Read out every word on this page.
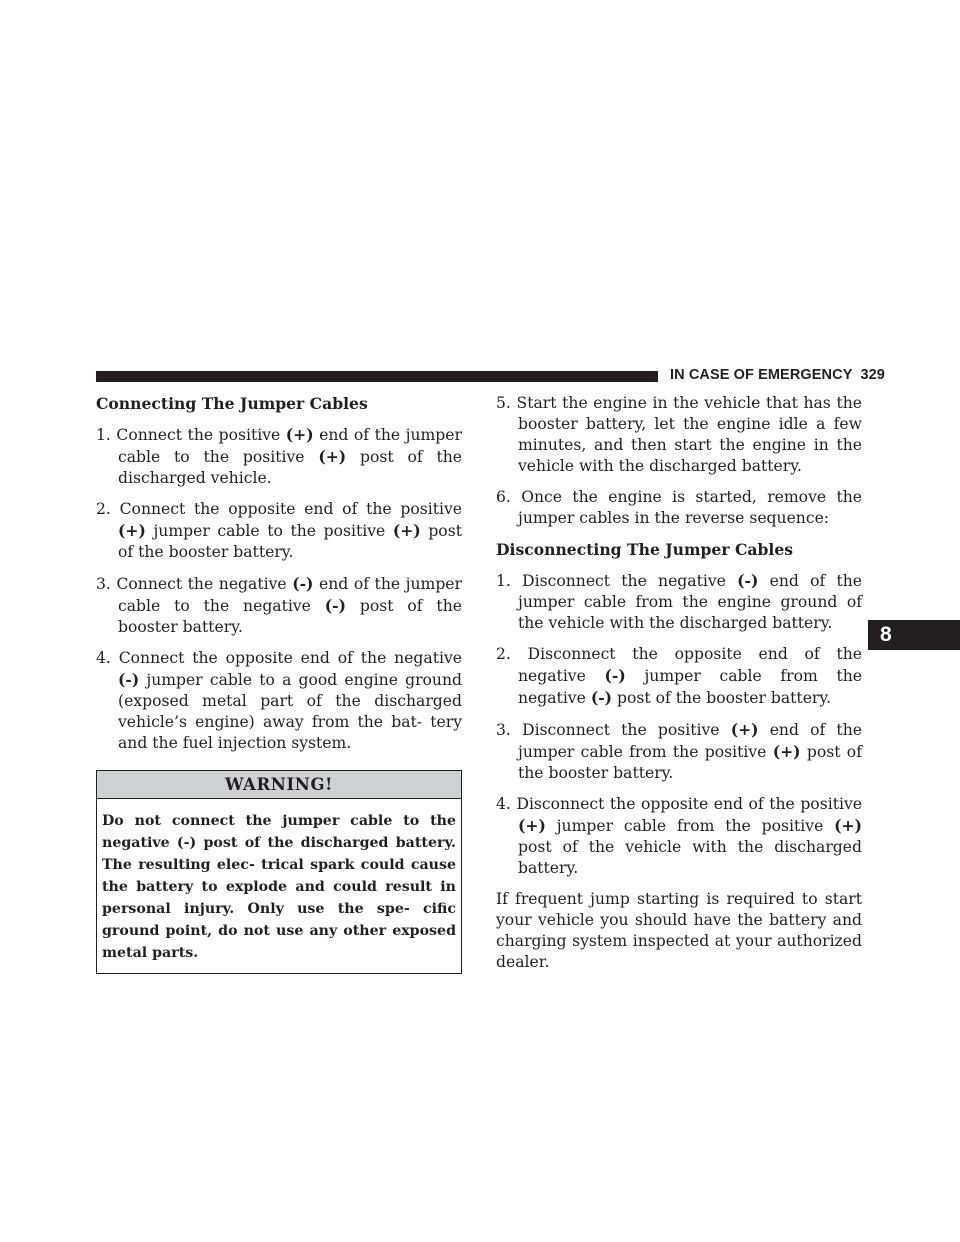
IN CASE OF EMERGENCY 329
8

Connecting The Jumper Cables

1. Connect the positive (+) end of the jumper cable to the positive (+) post of the discharged vehicle.

2. Connect the opposite end of the positive (+) jumper cable to the positive (+) post of the booster battery.

3. Connect the negative (-) end of the jumper cable to the negative (-) post of the booster battery.

4. Connect the opposite end of the negative (-) jumper cable to a good engine ground (exposed metal part of the discharged vehicle’s engine) away from the bat- tery and the fuel injection system.

WARNING!

Do not connect the jumper cable to the negative (-) post of the discharged battery. The resulting elec- trical spark could cause the battery to explode and could result in personal injury. Only use the spe- cific ground point, do not use any other exposed metal parts.

5. Start the engine in the vehicle that has the booster battery, let the engine idle a few minutes, and then start the engine in the vehicle with the discharged battery.

6. Once the engine is started, remove the jumper cables in the reverse sequence:

Disconnecting The Jumper Cables

1. Disconnect the negative (-) end of the jumper cable from the engine ground of the vehicle with the discharged battery.

2. Disconnect the opposite end of the negative (-) jumper cable from the negative (-) post of the booster battery.

3. Disconnect the positive (+) end of the jumper cable from the positive (+) post of the booster battery.

4. Disconnect the opposite end of the positive (+) jumper cable from the positive (+) post of the vehicle with the discharged battery.

If frequent jump starting is required to start your vehicle you should have the battery and charging system inspected at your authorized dealer.
